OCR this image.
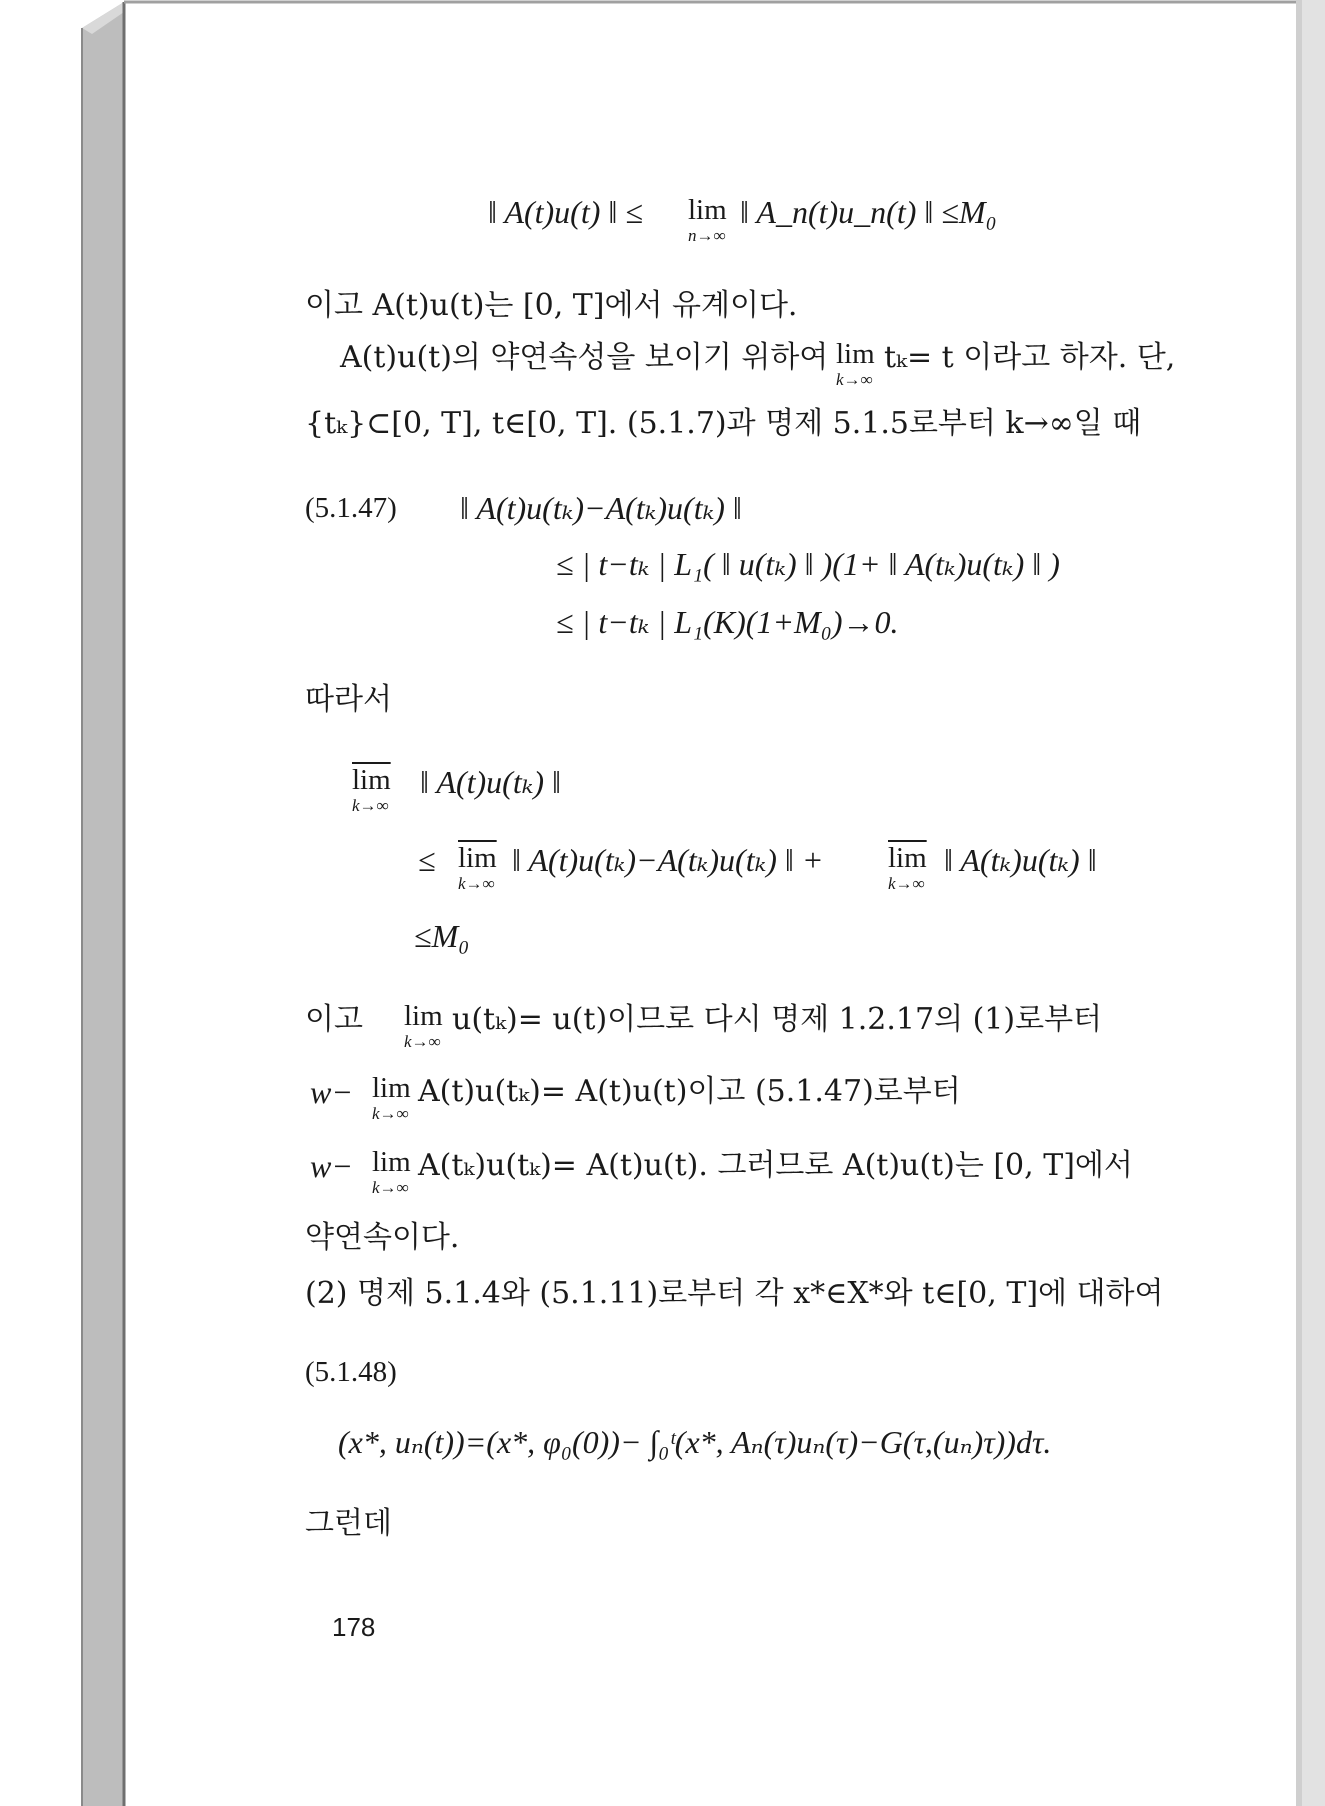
‖ A(t)u(t) ‖ ≤ lim
n→∞
‖ A_n(t)u_n(t) ‖ ≤M₀
이고 A(t)u(t)는 [0, T]에서 유계이다.
A(t)u(t)의 약연속성을 보이기 위하여 lim
k→∞
tₖ= t 이라고 하자. 단,
{tₖ}⊂[0, T], t∈[0, T]. (5.1.7)과 명제 5.1.5로부터 k→∞일 때
(5.1.47) ‖ A(t)u(tₖ)−A(tₖ)u(tₖ) ‖
≤ | t−tₖ | L₁( ‖ u(tₖ) ‖ )(1+ ‖ A(tₖ)u(tₖ) ‖ )
≤ | t−tₖ | L₁(K)(1+M₀)→0.
따라서
lim
k→∞
‖ A(t)u(tₖ) ‖
≤ lim
k→∞
‖ A(t)u(tₖ)−A(tₖ)u(tₖ) ‖ + lim
k→∞
‖ A(tₖ)u(tₖ) ‖
≤M₀
이고 lim
k→∞
u(tₖ)= u(t)이므로 다시 명제 1.2.17의 (1)로부터
w− lim
k→∞
A(t)u(tₖ)= A(t)u(t)이고 (5.1.47)로부터
w− lim
k→∞
A(tₖ)u(tₖ)= A(t)u(t). 그러므로 A(t)u(t)는 [0, T]에서
약연속이다.
(2) 명제 5.1.4와 (5.1.11)로부터 각 x*∈X*와 t∈[0, T]에 대하여
(5.1.48)
(x*, uₙ(t))=(x*, φ₀(0))− ∫₀ᵗ(x*, Aₙ(τ)uₙ(τ)−G(τ,(uₙ)τ))dτ.
그런데
178
